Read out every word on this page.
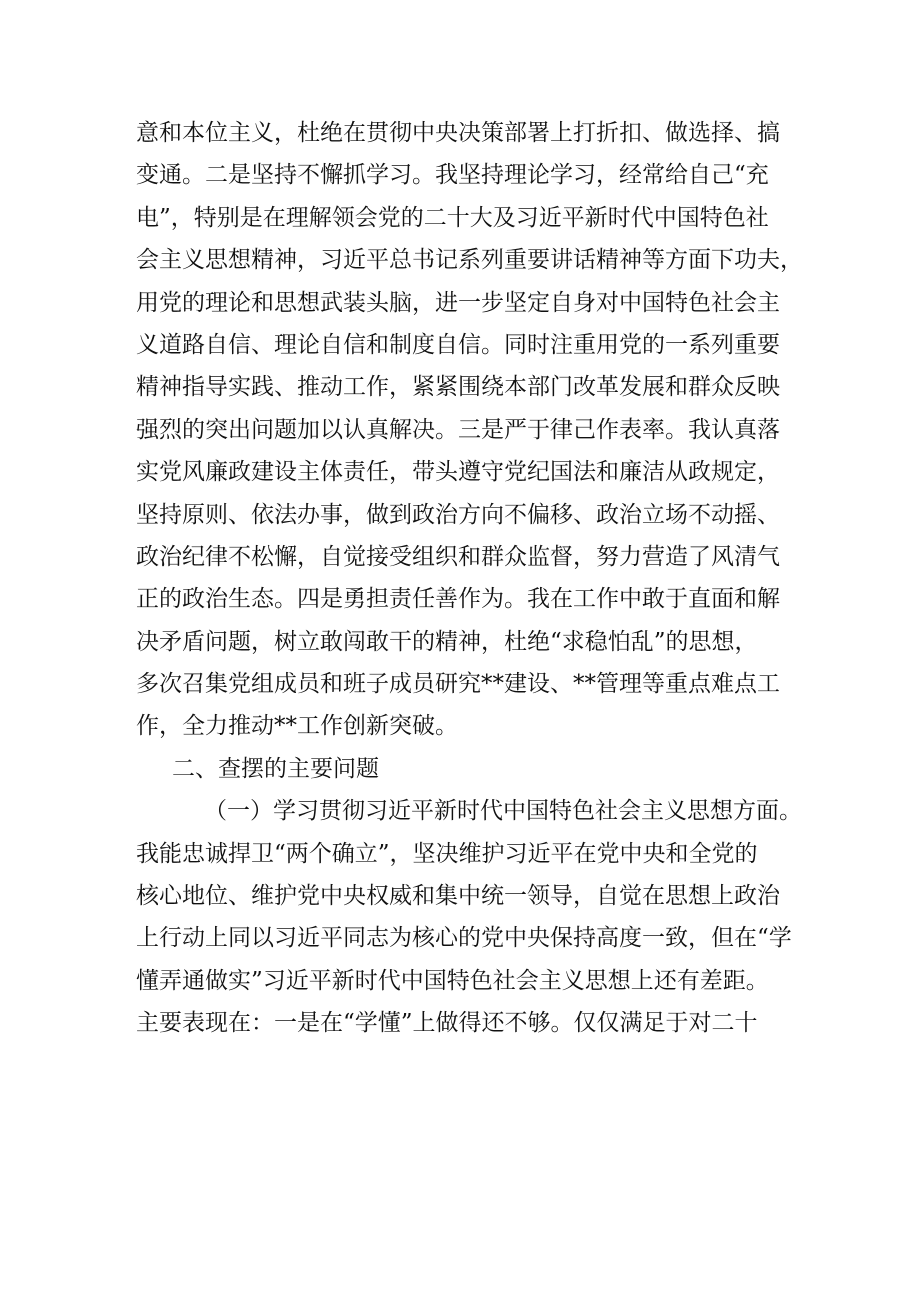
意和本位主义，杜绝在贯彻中央决策部署上打折扣、做选择、搞
变通。二是坚持不懈抓学习。我坚持理论学习，经常给自己“充
电”，特别是在理解领会党的二十大及习近平新时代中国特色社
会主义思想精神，习近平总书记系列重要讲话精神等方面下功夫，
用党的理论和思想武装头脑，进一步坚定自身对中国特色社会主
义道路自信、理论自信和制度自信。同时注重用党的一系列重要
精神指导实践、推动工作，紧紧围绕本部门改革发展和群众反映
强烈的突出问题加以认真解决。三是严于律己作表率。我认真落
实党风廉政建设主体责任，带头遵守党纪国法和廉洁从政规定，
坚持原则、依法办事，做到政治方向不偏移、政治立场不动摇、
政治纪律不松懈，自觉接受组织和群众监督，努力营造了风清气
正的政治生态。四是勇担责任善作为。我在工作中敢于直面和解
决矛盾问题，树立敢闯敢干的精神，杜绝“求稳怕乱”的思想，
多次召集党组成员和班子成员研究**建设、**管理等重点难点工
作，全力推动**工作创新突破。
二、查摆的主要问题
（一）学习贯彻习近平新时代中国特色社会主义思想方面。
我能忠诚捍卫“两个确立”，坚决维护习近平在党中央和全党的
核心地位、维护党中央权威和集中统一领导，自觉在思想上政治
上行动上同以习近平同志为核心的党中央保持高度一致，但在“学
懂弄通做实”习近平新时代中国特色社会主义思想上还有差距。
主要表现在：一是在“学懂”上做得还不够。仅仅满足于对二十
